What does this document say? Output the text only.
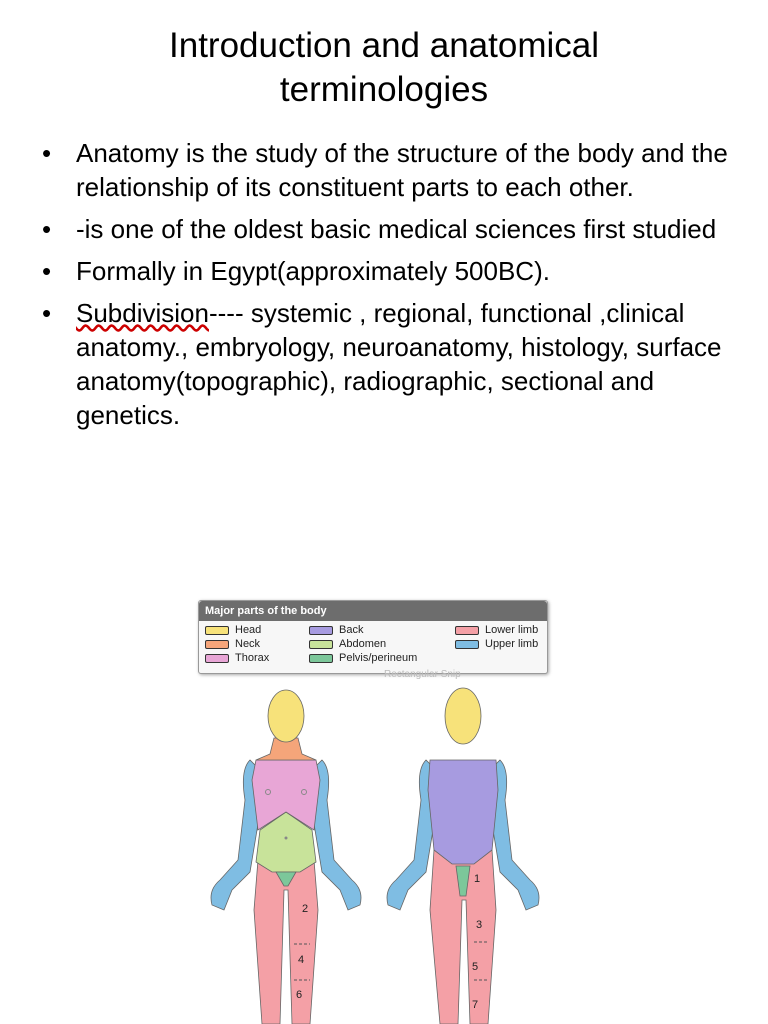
Introduction and anatomical
terminologies
• Anatomy is the study of the structure of the body and the relationship of its constituent parts to each other.
• -is one of the oldest basic medical sciences first studied
• Formally in Egypt(approximately 500BC).
• Subdivision---- systemic , regional, functional ,clinical anatomy., embryology, neuroanatomy, histology, surface anatomy(topographic), radiographic, sectional and genetics.
Major parts of the body
Head
Neck
Thorax
Back
Abdomen
Pelvis/perineum
Lower limb
Upper limb
Rectangular Snip
2
4
6
1
3
5
7
